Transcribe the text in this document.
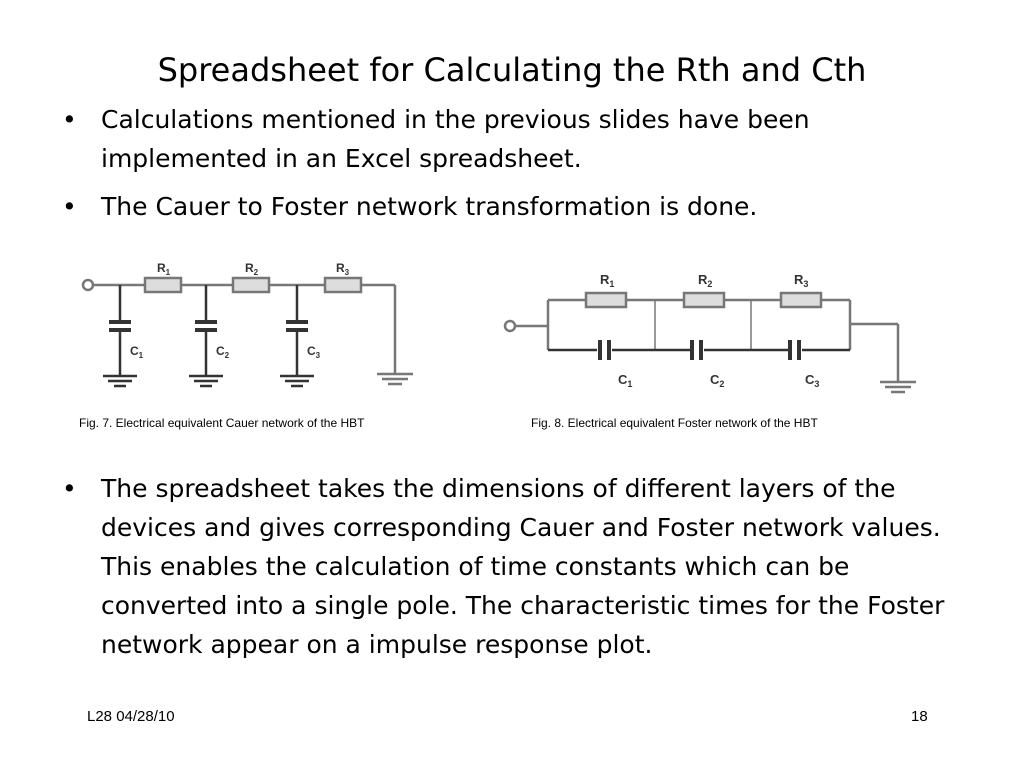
Spreadsheet for Calculating the Rth and Cth
• Calculations mentioned in the previous slides have been implemented in an Excel spreadsheet.
• The Cauer to Foster network transformation is done.
$R_1$	$R_2$	$R_3$
$C_1$	$C_2$	$C_3$
$R_1$	$R_2$	$R_3$
$C_1$	$C_2$	$C_3$
Fig. 7. Electrical equivalent Cauer network of the HBT	Fig. 8. Electrical equivalent Foster network of the HBT
• The spreadsheet takes the dimensions of different layers of the devices and gives corresponding Cauer and Foster network values. This enables the calculation of time constants which can be converted into a single pole. The characteristic times for the Foster network appear on a impulse response plot.
L28 04/28/10	18
